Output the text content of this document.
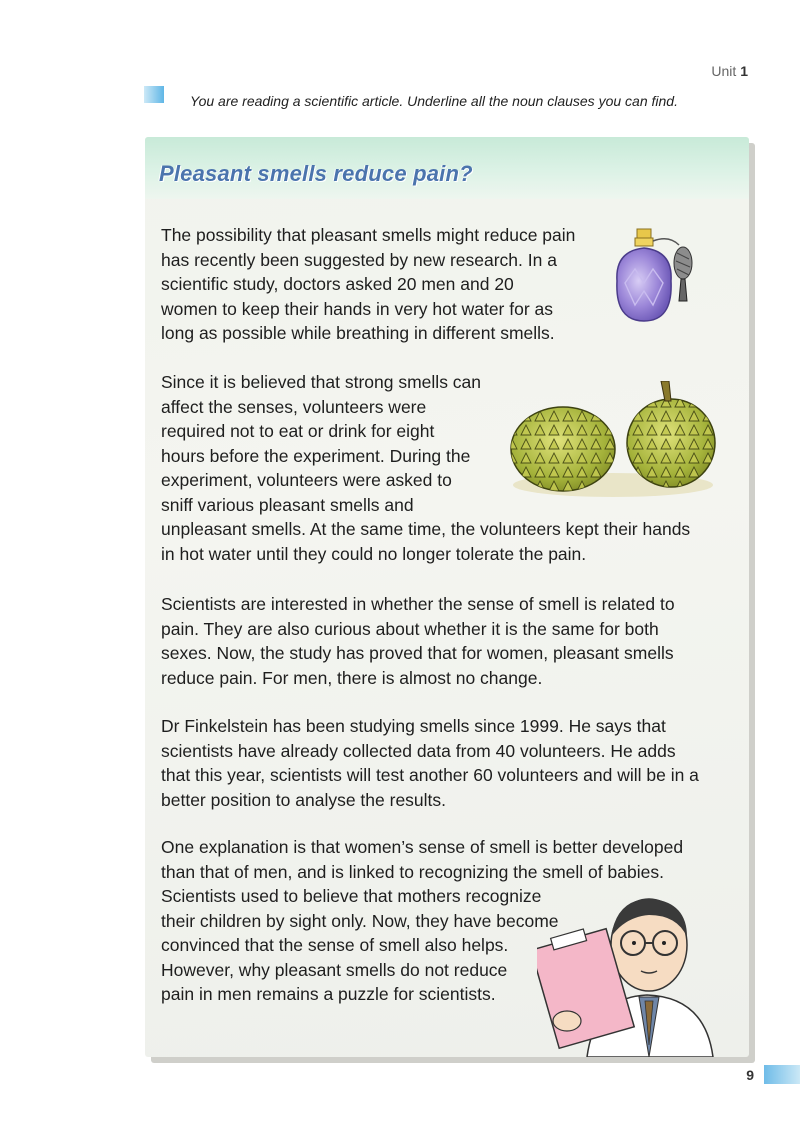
Unit 1
You are reading a scientific article. Underline all the noun clauses you can find.
Pleasant smells reduce pain?

The possibility that pleasant smells might reduce pain
has recently been suggested by new research. In a
scientific study, doctors asked 20 men and 20
women to keep their hands in very hot water for as
long as possible while breathing in different smells.

Since it is believed that strong smells can
affect the senses, volunteers were
required not to eat or drink for eight
hours before the experiment. During the
experiment, volunteers were asked to
sniff various pleasant smells and
unpleasant smells. At the same time, the volunteers kept their hands
in hot water until they could no longer tolerate the pain.

Scientists are interested in whether the sense of smell is related to
pain. They are also curious about whether it is the same for both
sexes. Now, the study has proved that for women, pleasant smells
reduce pain. For men, there is almost no change.

Dr Finkelstein has been studying smells since 1999. He says that
scientists have already collected data from 40 volunteers. He adds
that this year, scientists will test another 60 volunteers and will be in a
better position to analyse the results.

One explanation is that women’s sense of smell is better developed
than that of men, and is linked to recognizing the smell of babies.
Scientists used to believe that mothers recognize
their children by sight only. Now, they have become
convinced that the sense of smell also helps.
However, why pleasant smells do not reduce
pain in men remains a puzzle for scientists.

9
